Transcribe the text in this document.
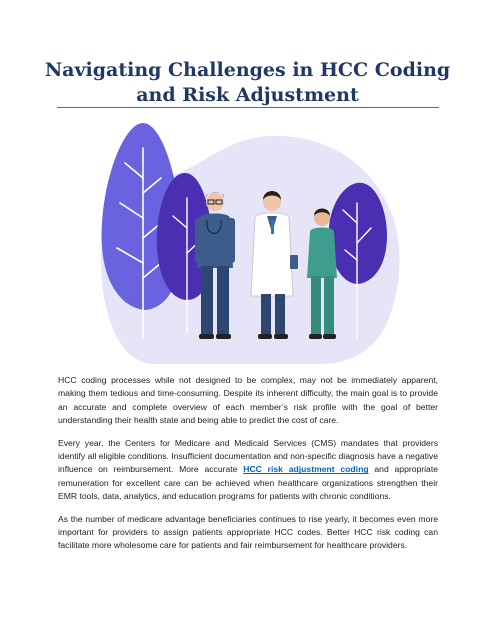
Navigating Challenges in HCC Coding and Risk Adjustment

HCC coding processes while not designed to be complex, may not be immediately apparent, making them tedious and time-consuming. Despite its inherent difficulty, the main goal is to provide an accurate and complete overview of each member’s risk profile with the goal of better understanding their health state and being able to predict the cost of care.

Every year, the Centers for Medicare and Medicaid Services (CMS) mandates that providers identify all eligible conditions. Insufficient documentation and non-specific diagnosis have a negative influence on reimbursement. More accurate HCC risk adjustment coding and appropriate remuneration for excellent care can be achieved when healthcare organizations strengthen their EMR tools, data, analytics, and education programs for patients with chronic conditions.

As the number of medicare advantage beneficiaries continues to rise yearly, it becomes even more important for providers to assign patients appropriate HCC codes. Better HCC risk coding can facilitate more wholesome care for patients and fair reimbursement for healthcare providers.
